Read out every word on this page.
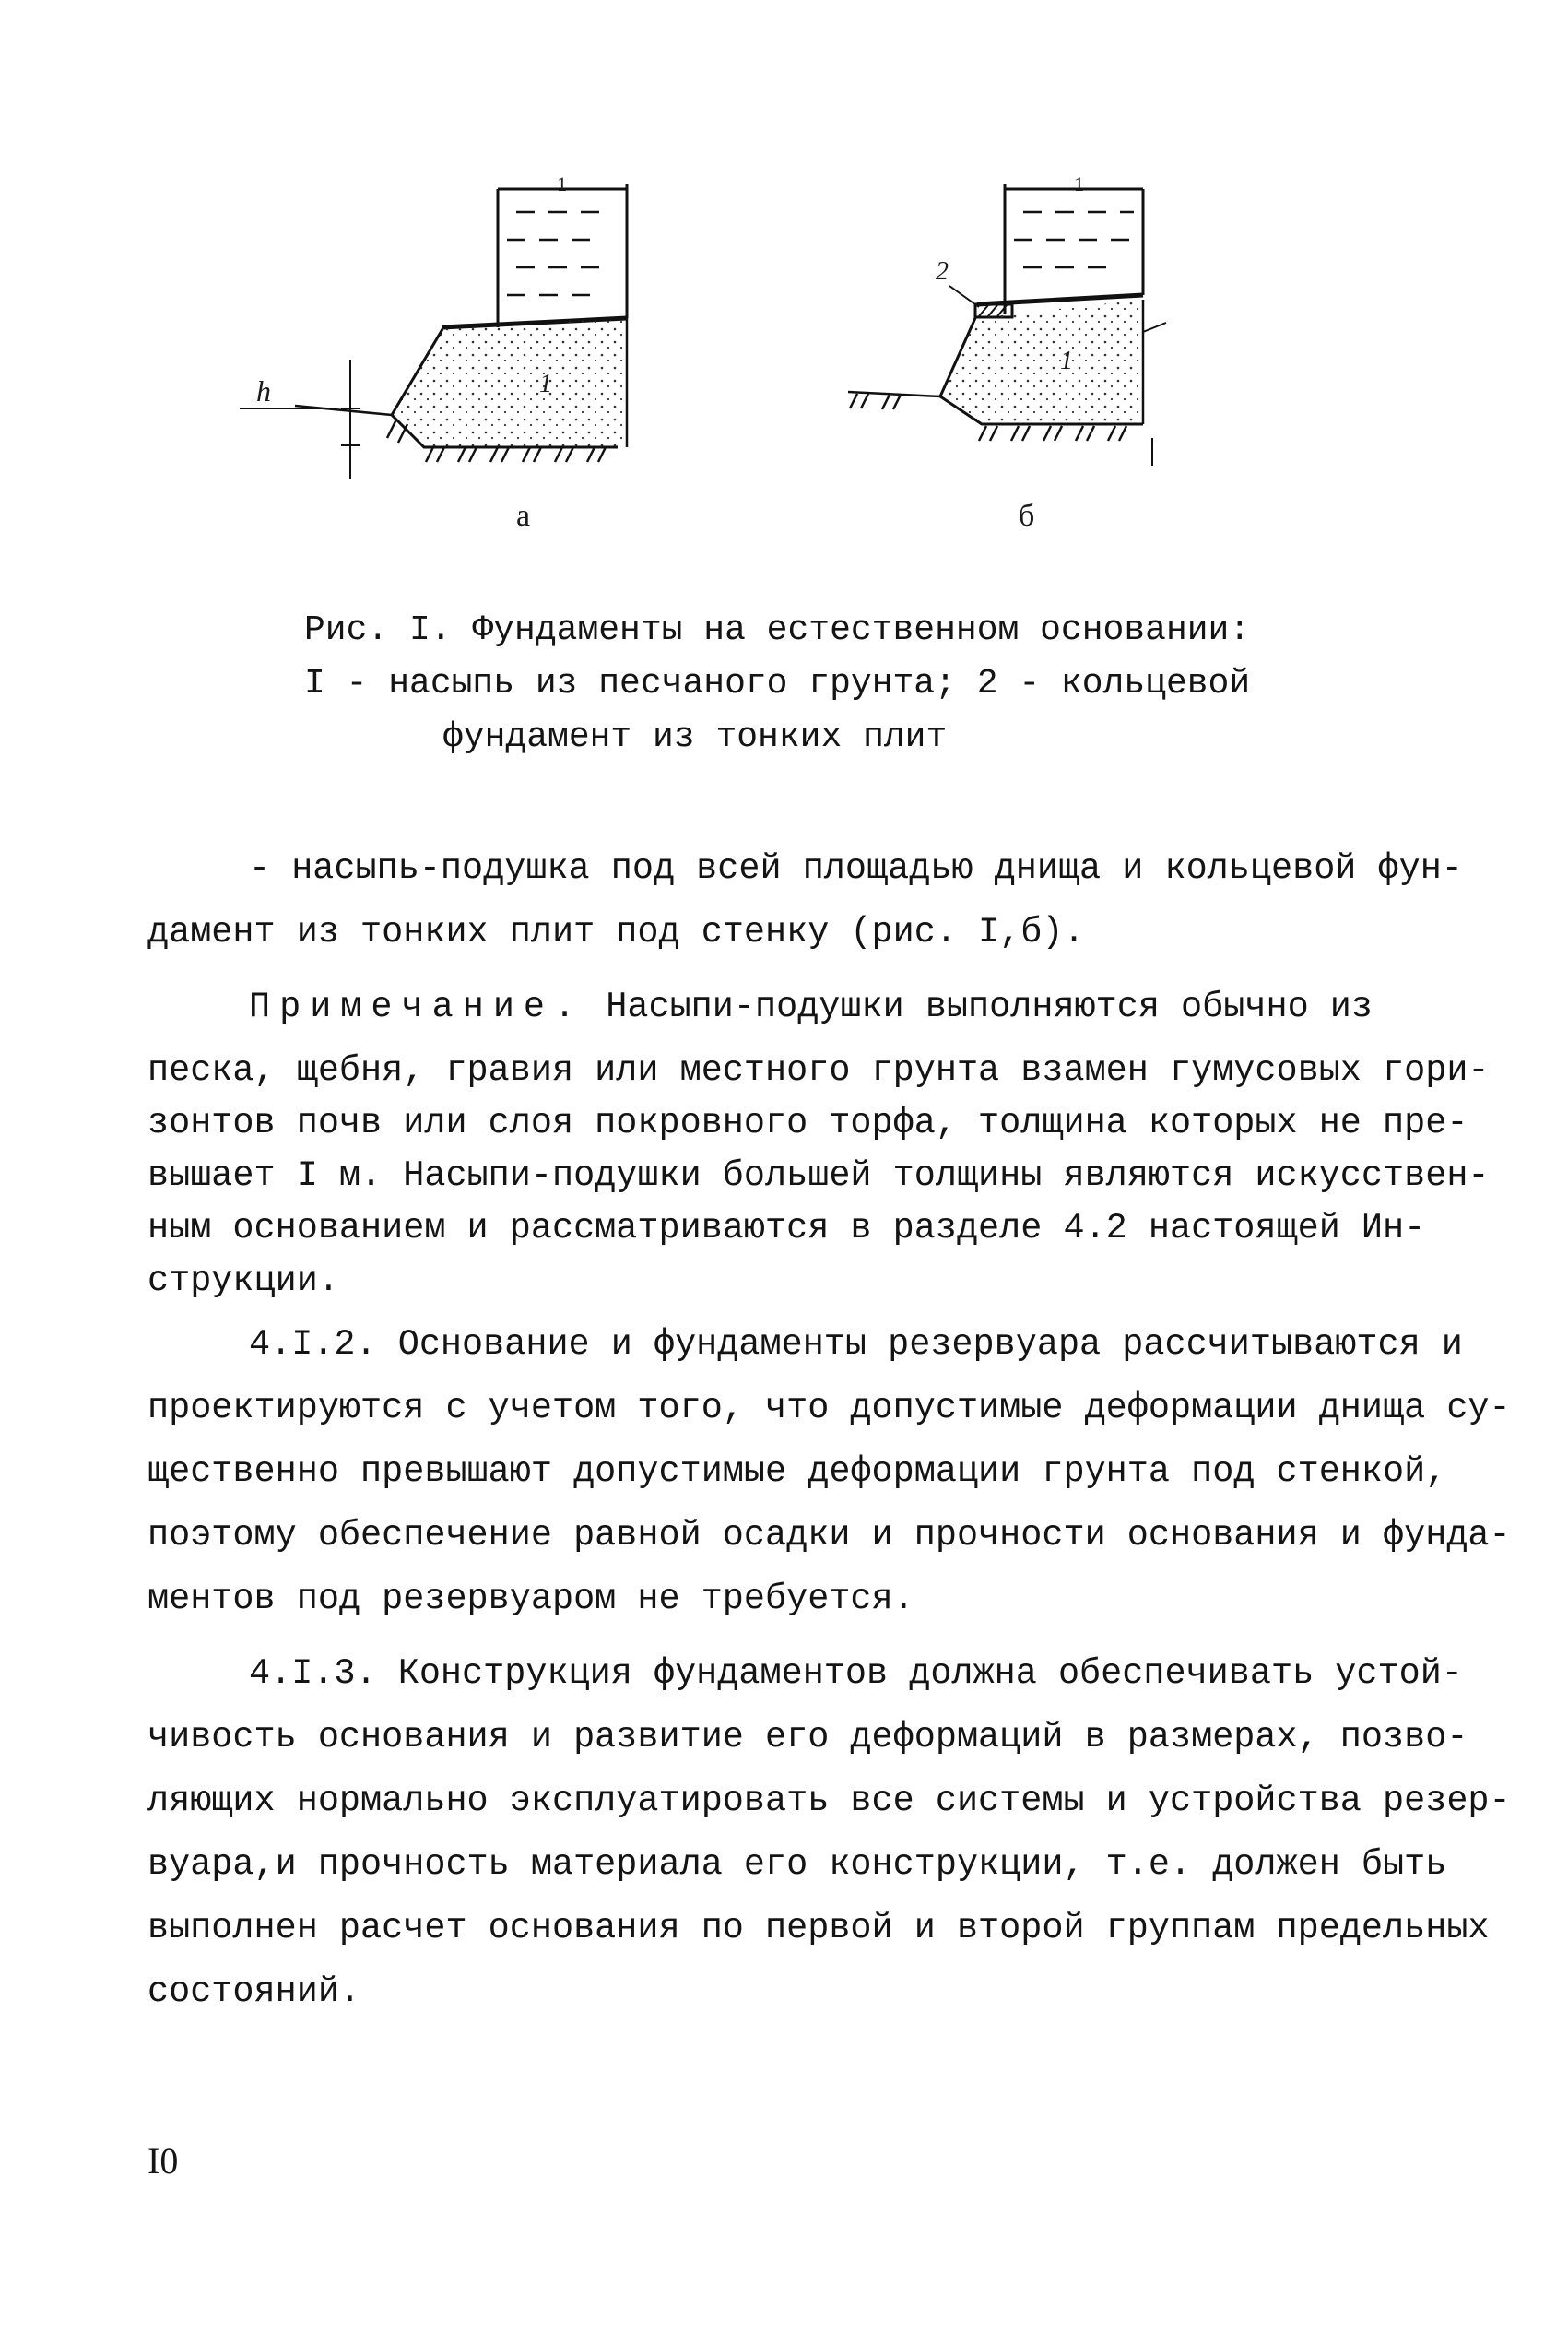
h	1
1
а
2
1
1
б
Рис. I. Фундаменты на естественном основании:
I - насыпь из песчаного грунта; 2 - кольцевой
фундамент из тонких плит
- насыпь-подушка под всей площадью днища и кольцевой фун-
дамент из тонких плит под стенку (рис. I,б).
Примечание. Насыпи-подушки выполняются обычно из
песка, щебня, гравия или местного грунта взамен гумусовых гори-
зонтов почв или слоя покровного торфа, толщина которых не пре-
вышает I м. Насыпи-подушки большей толщины являются искусствен-
ным основанием и рассматриваются в разделе 4.2 настоящей Ин-
струкции.
4.I.2. Основание и фундаменты резервуара рассчитываются и
проектируются с учетом того, что допустимые деформации днища су-
щественно превышают допустимые деформации грунта под стенкой,
поэтому обеспечение равной осадки и прочности основания и фунда-
ментов под резервуаром не требуется.
4.I.3. Конструкция фундаментов должна обеспечивать устой-
чивость основания и развитие его деформаций в размерах, позво-
ляющих нормально эксплуатировать все системы и устройства резер-
вуара,и прочность материала его конструкции, т.е. должен быть
выполнен расчет основания по первой и второй группам предельных
состояний.
I0
